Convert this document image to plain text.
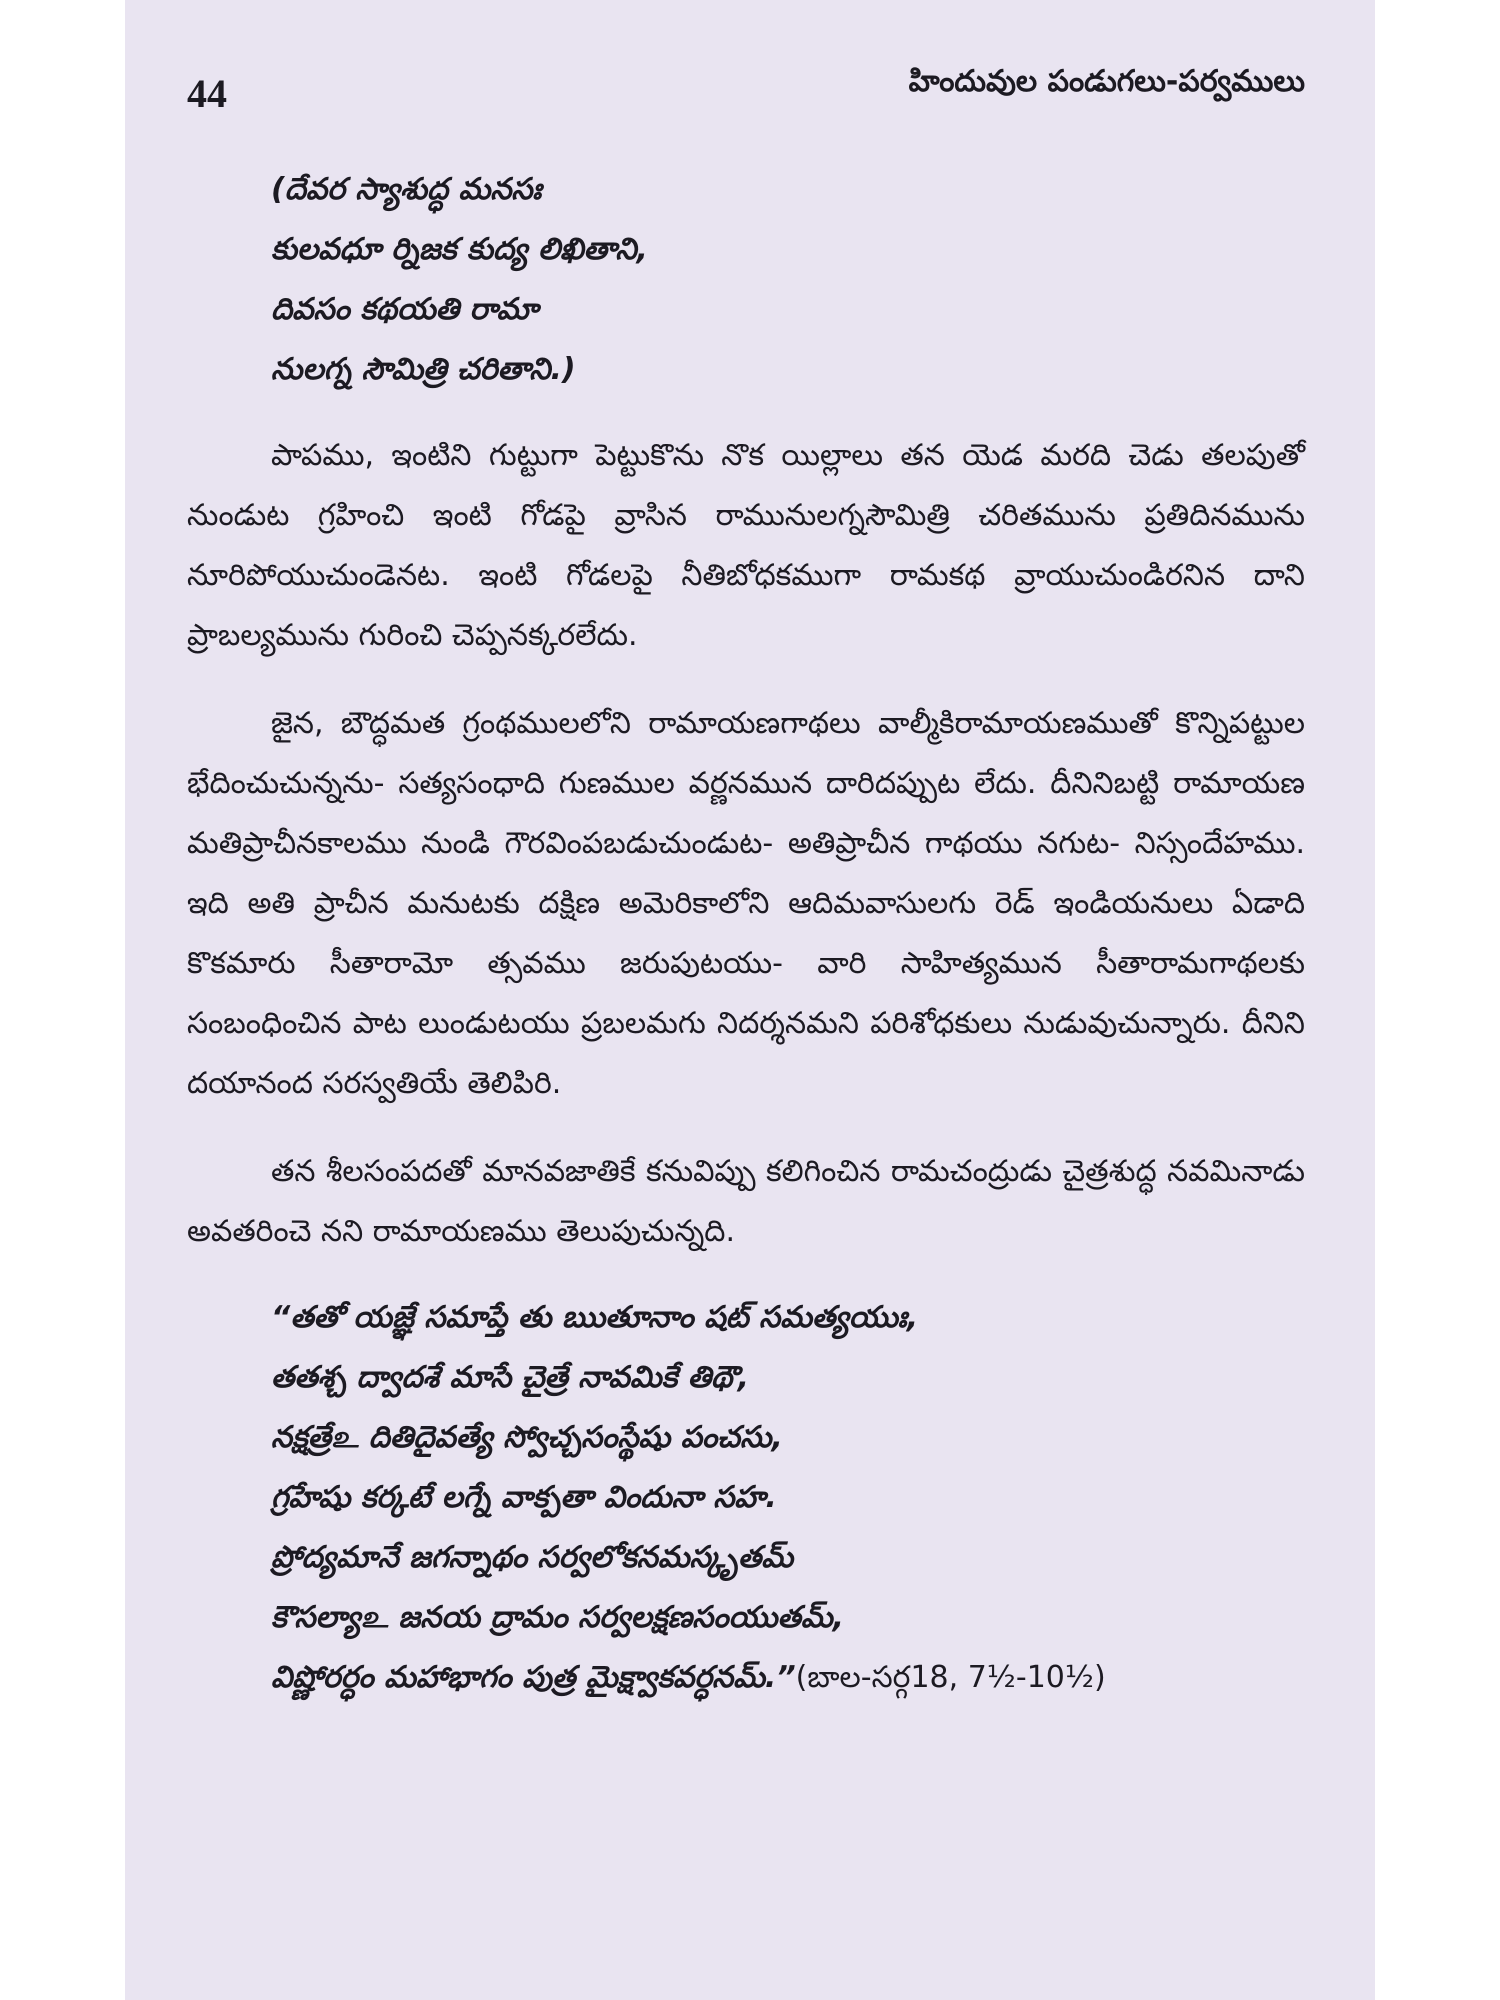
44	హిందువుల పండుగలు-పర్వములు
(దేవర స్యాశుద్ధ మనసః
కులవధూ ర్నిజక కుద్య లిఖితాని,
దివసం కథయతి రామా
నులగ్న సౌమిత్రి చరితాని.)

పాపము, ఇంటిని గుట్టుగా పెట్టుకొను నొక యిల్లాలు తన యెడ మరది చెడు తలపుతో నుండుట గ్రహించి ఇంటి గోడపై వ్రాసిన రామునులగ్నసౌమిత్రి చరితమును ప్రతిదినమును నూరిపోయుచుండెనట. ఇంటి గోడలపై నీతిబోధకముగా రామకథ వ్రాయుచుండిరనిన దాని ప్రాబల్యమును గురించి చెప్పనక్కరలేదు.

జైన, బౌద్ధమత గ్రంథములలోని రామాయణగాథలు వాల్మీకిరామాయణముతో కొన్నిపట్టుల భేదించుచున్నను- సత్యసంధాది గుణముల వర్ణనమున దారిదప్పుట లేదు. దీనినిబట్టి రామాయణ మతిప్రాచీనకాలము నుండి గౌరవింపబడుచుండుట- అతిప్రాచీన గాథయు నగుట- నిస్సందేహము. ఇది అతి ప్రాచీన మనుటకు దక్షిణ అమెరికాలోని ఆదిమవాసులగు రెడ్ ఇండియనులు ఏడాది కొకమారు సీతారామో త్సవము జరుపుటయు- వారి సాహిత్యమున సీతారామగాథలకు సంబంధించిన పాట లుండుటయు ప్రబలమగు నిదర్శనమని పరిశోధకులు నుడువుచున్నారు. దీనిని దయానంద సరస్వతియే తెలిపిరి.

తన శీలసంపదతో మానవజాతికే కనువిప్పు కలిగించిన రామచంద్రుడు చైత్రశుద్ధ నవమినాడు అవతరించె నని రామాయణము తెలుపుచున్నది.

“తతో యజ్ఞే సమాప్తే తు ఋతూనాం షట్ సమత్యయుః,
తతశ్చ ద్వాదశే మాసే చైత్రే నావమికే తిథౌ,
నక్షత్రేஉ దితిదైవత్యే స్వోచ్చసంస్థేషు పంచసు,
గ్రహేషు కర్కటే లగ్నే వాక్పతా విందునా సహ.
ప్రోద్యమానే జగన్నాథం సర్వలోకనమస్కృతమ్
కౌసల్యాஉ జనయ ద్రామం సర్వలక్షణసంయుతమ్,
విష్ణోరర్ధం మహాభాగం పుత్ర మైక్ష్వాకవర్ధనమ్.”(బాల-సర్గ18, 7½-10½)
